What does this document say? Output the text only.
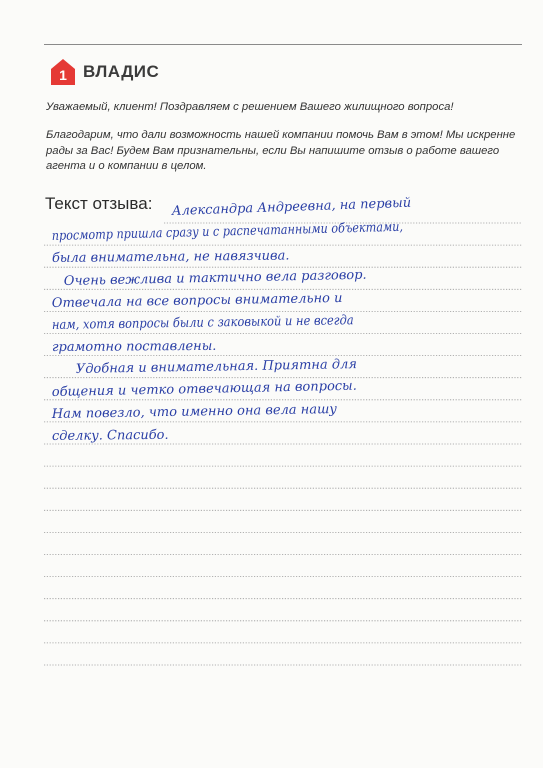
1 ВЛАДИС
Уважаемый, клиент! Поздравляем с решением Вашего жилищного вопроса!
Благодарим, что дали возможность нашей компании помочь Вам в этом! Мы искренне рады за Вас! Будем Вам признательны, если Вы напишите отзыв о работе вашего агента и о компании в целом.
Текст отзыва: Александра Андреевна, на первый
просмотр пришла сразу и с распечатанными объектами,
была внимательна, не навязчива.
Очень вежлива и тактично вела разговор.
Отвечала на все вопросы внимательно и
нам, хотя вопросы были с заковыкой и не всегда
грамотно поставлены.
Удобная и внимательная. Приятна для
общения и четко отвечающая на вопросы.
Нам повезло, что именно она вела нашу
сделку. Спасибо.
